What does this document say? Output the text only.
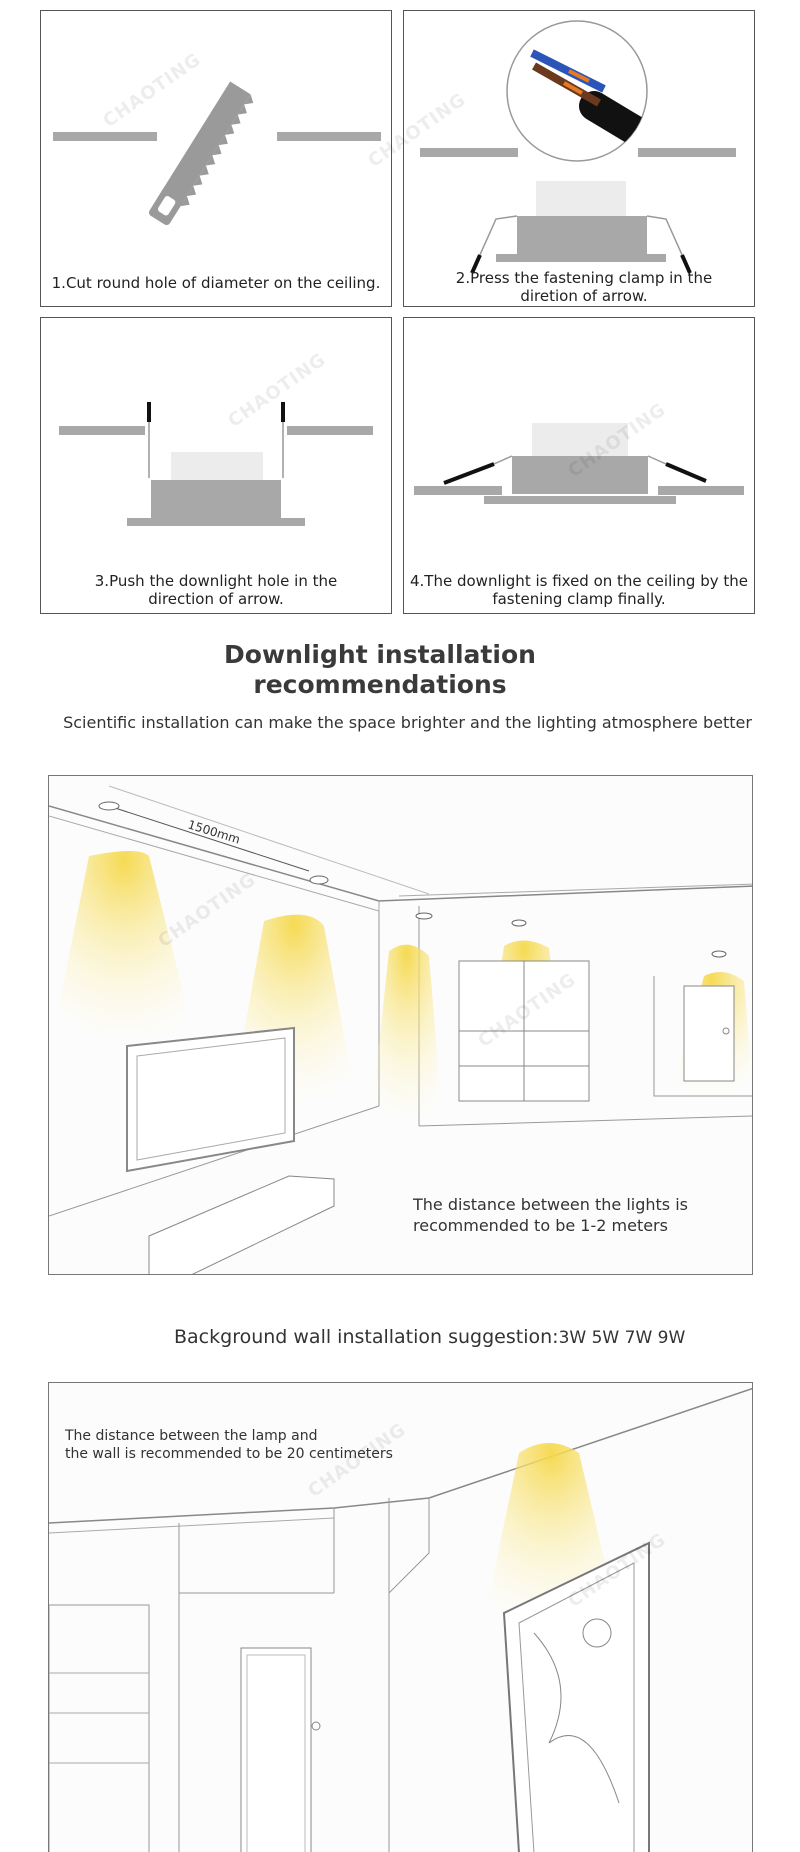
1.Cut round hole of diameter on the ceiling.	2.Press the fastening clamp in the diretion of arrow.
3.Push the downlight hole in the direction of arrow.
4.The downlight is fixed on the ceiling by the fastening clamp finally.
Downlight installation
recommendations
Scientific installation can make the space brighter and the lighting atmosphere better
1500mm
The distance between the lights is
recommended to be 1-2 meters
Background wall installation suggestion:3W 5W 7W 9W
The distance between the lamp and
the wall is recommended to be 20 centimeters
